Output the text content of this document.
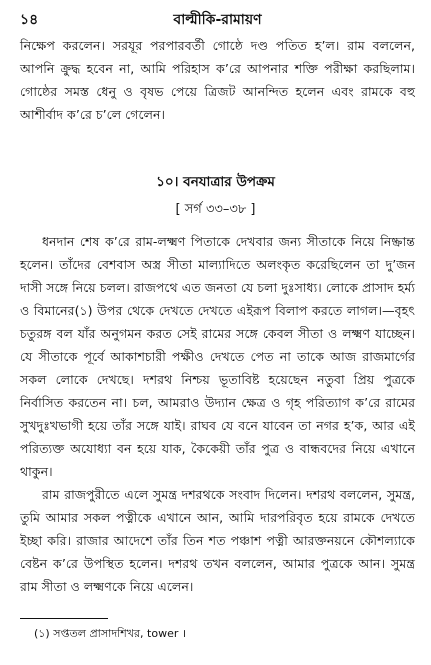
১৪	বাল্মীকি-রামায়ণ

নিক্ষেপ করলেন। সরযূর পরপারবর্তী গোষ্ঠে দণ্ড পতিত হ’ল। রাম বললেন, আপনি ক্রুদ্ধ হবেন না, আমি পরিহাস ক’রে আপনার শক্তি পরীক্ষা করছিলাম। গোষ্ঠের সমস্ত ধেনু ও বৃষভ পেয়ে ত্রিজট আনন্দিত হলেন এবং রামকে বহু আশীর্বাদ ক’রে চ’লে গেলেন।

১০। বনযাত্রার উপক্রম
[ সর্গ ৩৩–৩৮ ]

ধনদান শেষ ক’রে রাম-লক্ষ্মণ পিতাকে দেখবার জন্য সীতাকে নিয়ে নিষ্ক্রান্ত হলেন। তাঁদের বেশবাস অস্ত্র সীতা মাল্যাদিতে অলংকৃত করেছিলেন তা দু’জন দাসী সঙ্গে নিয়ে চলল। রাজপথে এত জনতা যে চলা দুঃসাধ্য। লোকে প্রাসাদ হর্ম্য ও বিমানের(১) উপর থেকে দেখতে দেখতে এইরূপ বিলাপ করতে লাগল।—বৃহৎ চতুরঙ্গ বল যাঁর অনুগমন করত সেই রামের সঙ্গে কেবল সীতা ও লক্ষ্মণ যাচ্ছেন। যে সীতাকে পূর্বে আকাশচারী পক্ষীও দেখতে পেত না তাকে আজ রাজমার্গের সকল লোকে দেখছে। দশরথ নিশ্চয় ভূতাবিষ্ট হয়েছেন নতুবা প্রিয় পুত্রকে নির্বাসিত করতেন না। চল, আমরাও উদ্যান ক্ষেত্র ও গৃহ পরিত্যাগ ক’রে রামের সুখদুঃখভাগী হয়ে তাঁর সঙ্গে যাই। রাঘব যে বনে যাবেন তা নগর হ’ক, আর এই পরিত্যক্ত অযোধ্যা বন হয়ে যাক, কৈকেয়ী তাঁর পুত্র ও বান্ধবদের নিয়ে এখানে থাকুন।

রাম রাজপুরীতে এলে সুমন্ত্র দশরথকে সংবাদ দিলেন। দশরথ বললেন, সুমন্ত্র, তুমি আমার সকল পত্নীকে এখানে আন, আমি দারপরিবৃত হয়ে রামকে দেখতে ইচ্ছা করি। রাজার আদেশে তাঁর তিন শত পঞ্চাশ পত্নী আরক্তনয়নে কৌশল্যাকে বেষ্টন ক’রে উপস্থিত হলেন। দশরথ তখন বললেন, আমার পুত্রকে আন। সুমন্ত্র রাম সীতা ও লক্ষ্মণকে নিয়ে এলেন।

(১) সপ্ততল প্রাসাদশিখর, tower ।
